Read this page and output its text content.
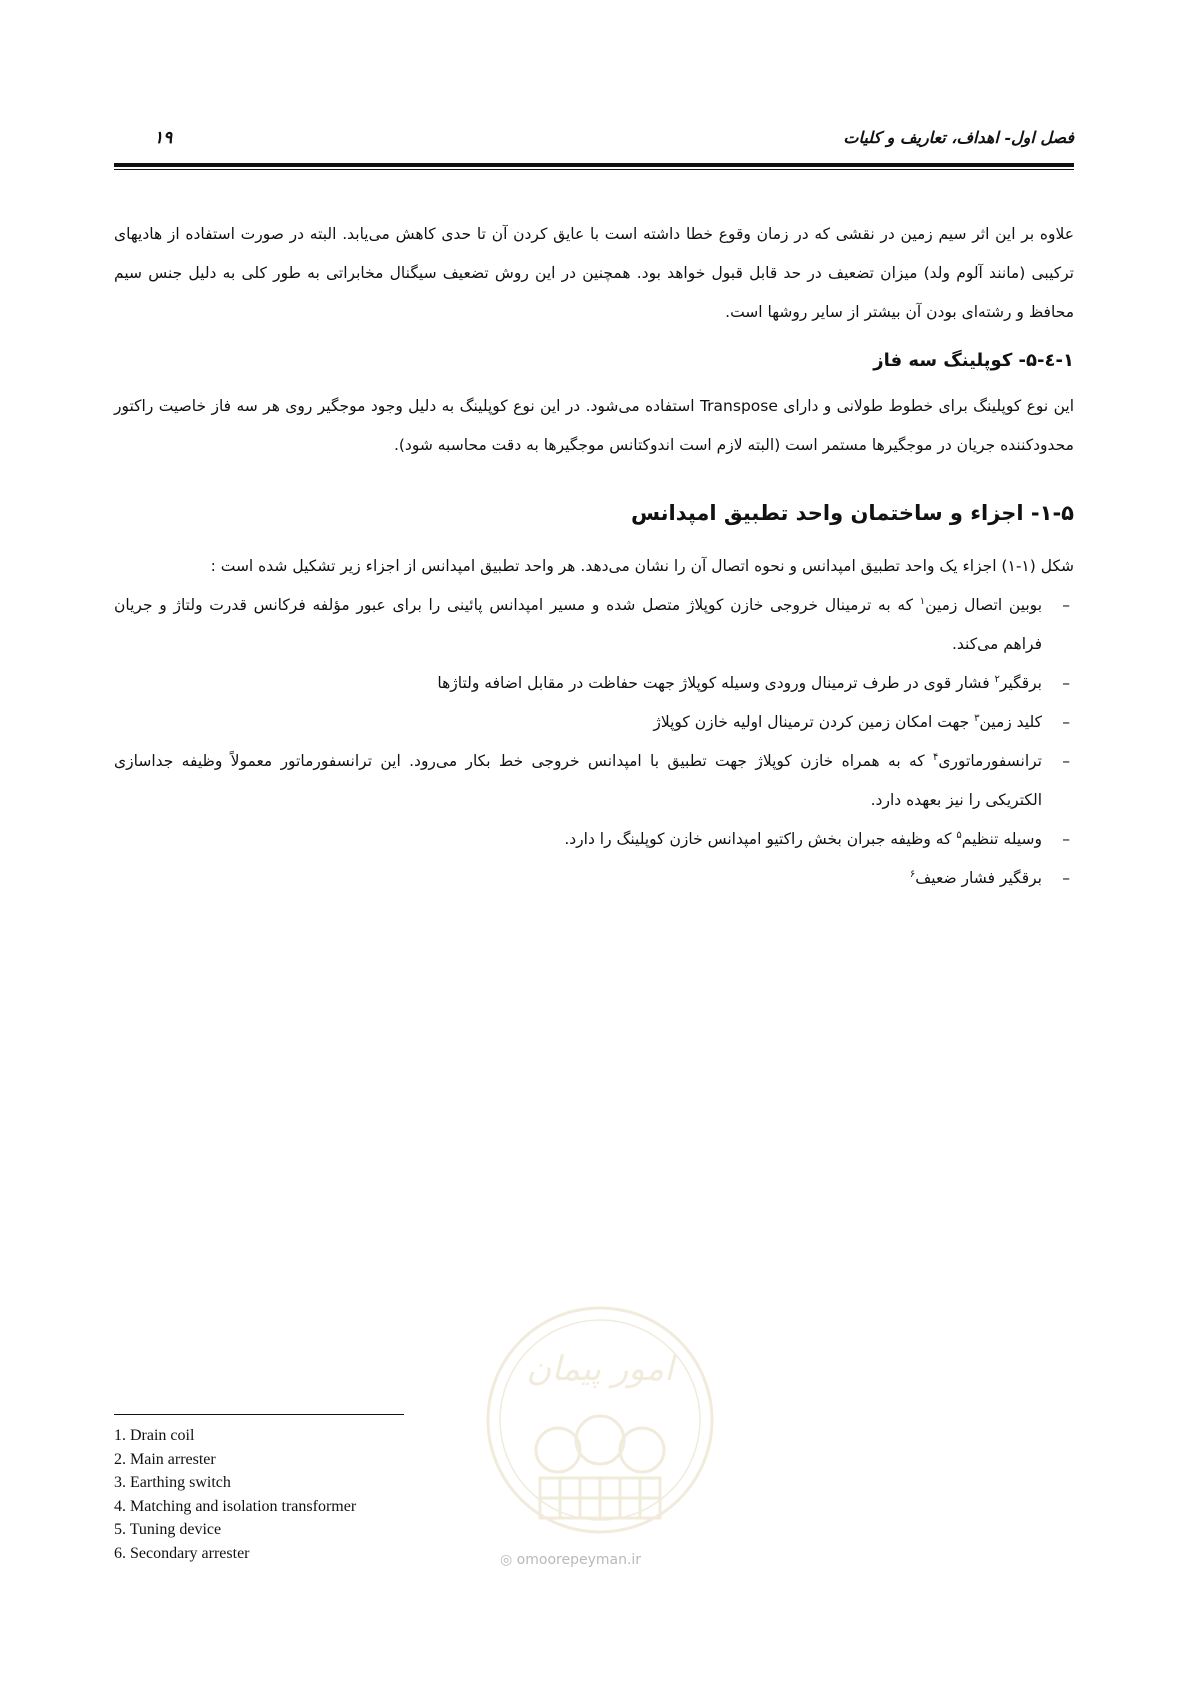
فصل اول- اهداف، تعاریف و کلیات
۱۹

علاوه بر این اثر سیم زمین در نقشی که در زمان وقوع خطا داشته است با عایق کردن آن تا حدی کاهش می‌یابد. البته در صورت استفاده از هادیهای ترکیبی (مانند آلوم ولد) میزان تضعیف در حد قابل قبول خواهد بود. همچنین در این روش تضعیف سیگنال مخابراتی به طور کلی به دلیل جنس سیم محافظ و رشته‌ای بودن آن بیشتر از سایر روشها است.

۱-٤-۵- کوپلینگ سه فاز

این نوع کوپلینگ برای خطوط طولانی و دارای Transpose استفاده می‌شود. در این نوع کوپلینگ به دلیل وجود موجگیر روی هر سه فاز خاصیت راکتور محدودکننده جریان در موجگیرها مستمر است (البته لازم است اندوکتانس موجگیرها به دقت محاسبه شود).

۱-۵- اجزاء و ساختمان واحد تطبیق امپدانس

شکل (۱-۱) اجزاء یک واحد تطبیق امپدانس و نحوه اتصال آن را نشان می‌دهد. هر واحد تطبیق امپدانس از اجزاء زیر تشکیل شده است :

–
بوبین اتصال زمین$^۱$ که به ترمینال خروجی خازن کوپلاژ متصل شده و مسیر امپدانس پائینی را برای عبور مؤلفه فرکانس قدرت ولتاژ و جریان فراهم می‌کند.
–
برقگیر$^۲$ فشار قوی در طرف ترمینال ورودی وسیله کوپلاژ جهت حفاظت در مقابل اضافه ولتاژها
–
کلید زمین$^۳$ جهت امکان زمین کردن ترمینال اولیه خازن کوپلاژ
–
ترانسفورماتوری$^۴$ که به همراه خازن کوپلاژ جهت تطبیق با امپدانس خروجی خط بکار می‌رود. این ترانسفورماتور معمولاً وظیفه جداسازی الکتریکی را نیز بعهده دارد.
–
وسیله تنظیم$^۵$ که وظیفه جبران بخش راکتیو امپدانس خازن کوپلینگ را دارد.
–
برقگیر فشار ضعیف$^۶$
امور پیمان
◎ omoorepeyman.ir
1. Drain coil
2. Main arrester
3. Earthing switch
4. Matching and isolation transformer
5. Tuning device
6. Secondary arrester
